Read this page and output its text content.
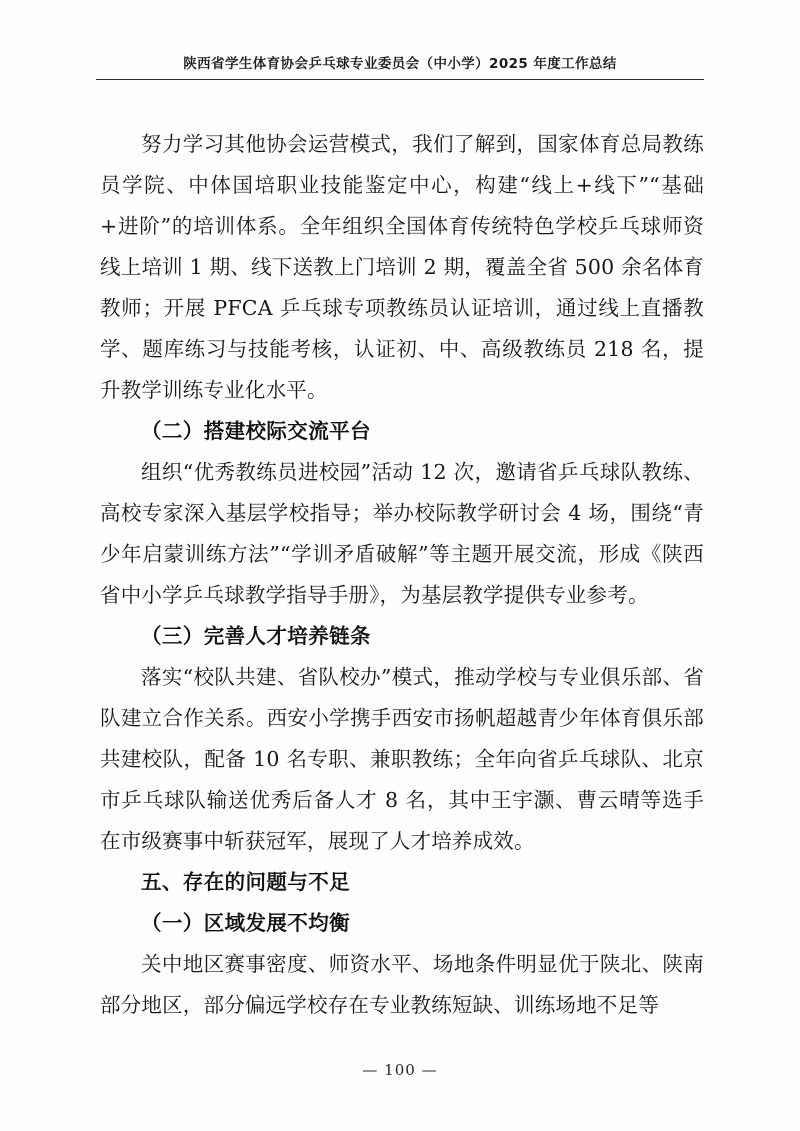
陕西省学生体育协会乒乓球专业委员会（中小学）2025 年度工作总结

努力学习其他协会运营模式，我们了解到，国家体育总局教练员学院、中体国培职业技能鉴定中心，构建“线上+线下”“基础+进阶”的培训体系。全年组织全国体育传统特色学校乒乓球师资线上培训 1 期、线下送教上门培训 2 期，覆盖全省 500 余名体育教师；开展 PFCA 乒乓球专项教练员认证培训，通过线上直播教学、题库练习与技能考核，认证初、中、高级教练员 218 名，提升教学训练专业化水平。

（二）搭建校际交流平台

组织“优秀教练员进校园”活动 12 次，邀请省乒乓球队教练、高校专家深入基层学校指导；举办校际教学研讨会 4 场，围绕“青少年启蒙训练方法”“学训矛盾破解”等主题开展交流，形成《陕西省中小学乒乓球教学指导手册》，为基层教学提供专业参考。

（三）完善人才培养链条

落实“校队共建、省队校办”模式，推动学校与专业俱乐部、省队建立合作关系。西安小学携手西安市扬帆超越青少年体育俱乐部共建校队，配备 10 名专职、兼职教练；全年向省乒乓球队、北京市乒乓球队输送优秀后备人才 8 名，其中王宇灏、曹云晴等选手在市级赛事中斩获冠军，展现了人才培养成效。

五、存在的问题与不足

（一）区域发展不均衡

关中地区赛事密度、师资水平、场地条件明显优于陕北、陕南部分地区，部分偏远学校存在专业教练短缺、训练场地不足等

— 100 —
